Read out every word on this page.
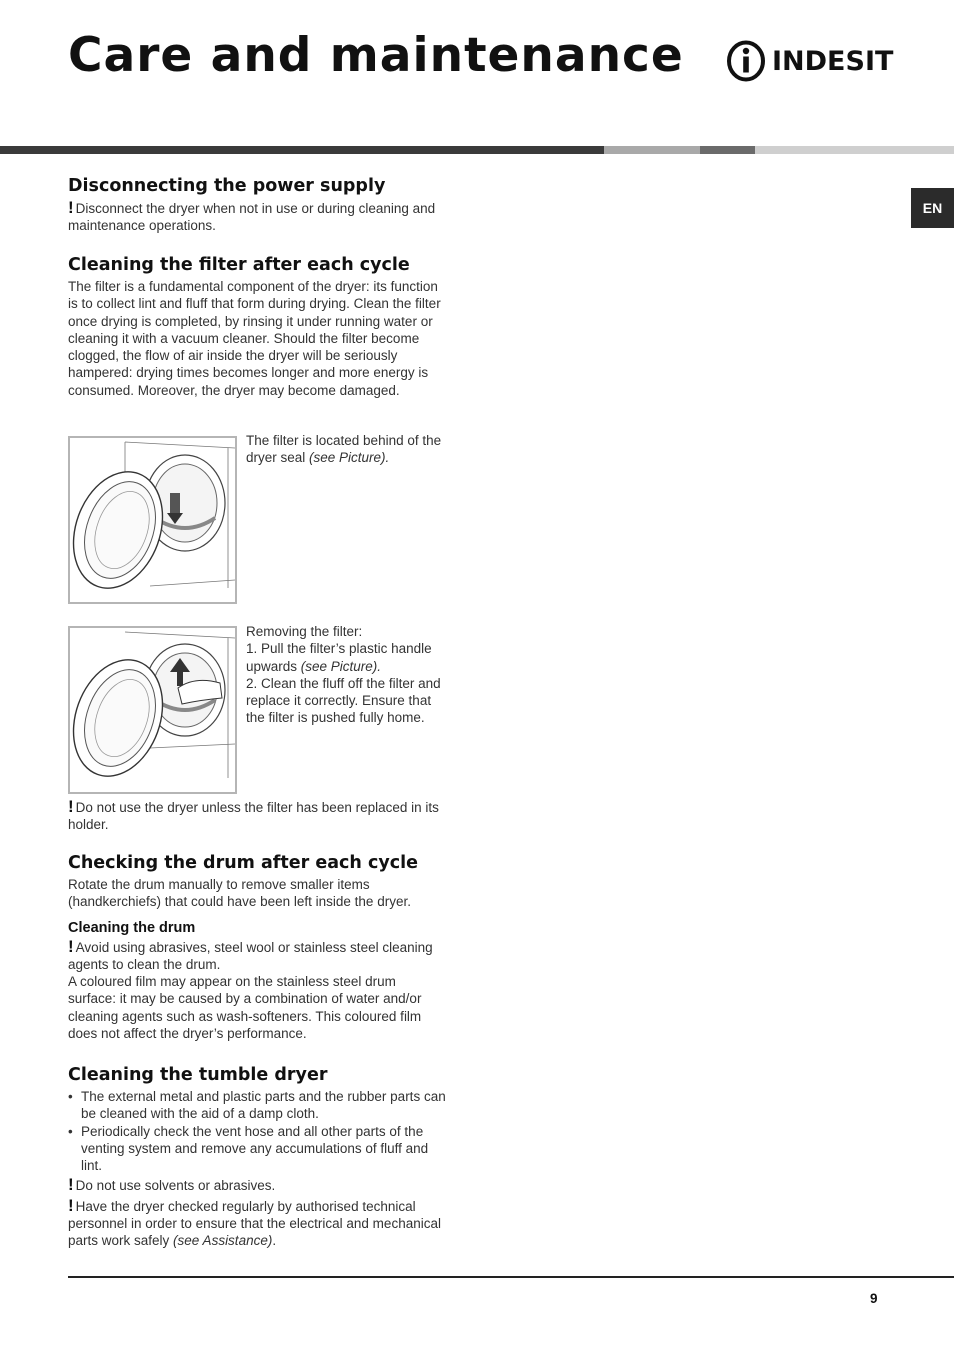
Care and maintenance	INDESIT
EN
Disconnecting the power supply

! Disconnect the dryer when not in use or during cleaning and maintenance operations.

Cleaning the filter after each cycle

The filter is a fundamental component of the dryer: its function is to collect lint and fluff that form during drying. Clean the filter once drying is completed, by rinsing it under running water or cleaning it with a vacuum cleaner. Should the filter become clogged, the flow of air inside the dryer will be seriously hampered: drying times becomes longer and more energy is consumed. Moreover, the dryer may become damaged.

The filter is located behind of the dryer seal (see Picture).

Removing the filter:

1. Pull the filter’s plastic handle upwards (see Picture).

2. Clean the fluff off the filter and replace it correctly. Ensure that the filter is pushed fully home.

! Do not use the dryer unless the filter has been replaced in its holder.

Checking the drum after each cycle

Rotate the drum manually to remove smaller items (handkerchiefs) that could have been left inside the dryer.

Cleaning the drum

! Avoid using abrasives, steel wool or stainless steel cleaning agents to clean the drum.

A coloured film may appear on the stainless steel drum surface: it may be caused by a combination of water and/or cleaning agents such as wash-softeners. This coloured film does not affect the dryer’s performance.

Cleaning the tumble dryer
• The external metal and plastic parts and the rubber parts can be cleaned with the aid of a damp cloth.
• Periodically check the vent hose and all other parts of the venting system and remove any accumulations of fluff and lint.

! Do not use solvents or abrasives.

! Have the dryer checked regularly by authorised technical personnel in order to ensure that the electrical and mechanical parts work safely (see Assistance).

9
